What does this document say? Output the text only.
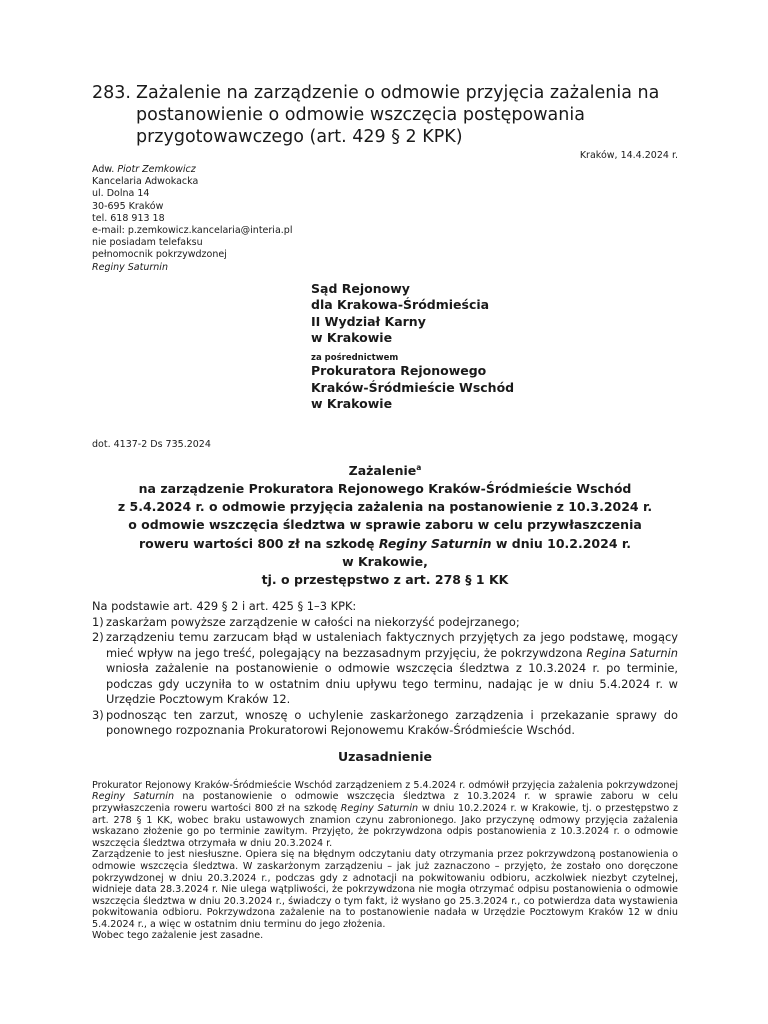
283. Zażalenie na zarządzenie o odmowie przyjęcia zażalenia na postanowienie o odmowie wszczęcia postępowania przygotowawczego (art. 429 § 2 KPK)
Kraków, 14.4.2024 r.
Adw. Piotr Zemkowicz
Kancelaria Adwokacka
ul. Dolna 14
30-695 Kraków
tel. 618 913 18
e-mail: p.zemkowicz.kancelaria@interia.pl
nie posiadam telefaksu
pełnomocnik pokrzywdzonej
Reginy Saturnin
Sąd Rejonowy
dla Krakowa-Śródmieścia
II Wydział Karny
w Krakowie
za pośrednictwem
Prokuratora Rejonowego
Kraków-Śródmieście Wschód
w Krakowie
dot. 4137-2 Ds 735.2024
Zażalenie$^a$
na zarządzenie Prokuratora Rejonowego Kraków-Śródmieście Wschód
z 5.4.2024 r. o odmowie przyjęcia zażalenia na postanowienie z 10.3.2024 r.
o odmowie wszczęcia śledztwa w sprawie zaboru w celu przywłaszczenia
roweru wartości 800 zł na szkodę Reginy Saturnin w dniu 10.2.2024 r.
w Krakowie,
tj. o przestępstwo z art. 278 § 1 KK
Na podstawie art. 429 § 2 i art. 425 § 1–3 KPK:
1) zaskarżam powyższe zarządzenie w całości na niekorzyść podejrzanego;
2) zarządzeniu temu zarzucam błąd w ustaleniach faktycznych przyjętych za jego podstawę, mogący mieć wpływ na jego treść, polegający na bezzasadnym przyjęciu, że pokrzywdzona Regina Saturnin wniosła zażalenie na postanowienie o odmowie wszczęcia śledztwa z 10.3.2024 r. po terminie, podczas gdy uczyniła to w ostatnim dniu upływu tego terminu, nadając je w dniu 5.4.2024 r. w Urzędzie Pocztowym Kraków 12.
3) podnosząc ten zarzut, wnoszę o uchylenie zaskarżonego zarządzenia i przekazanie sprawy do ponownego rozpoznania Prokuratorowi Rejonowemu Kraków-Śródmieście Wschód.
Uzasadnienie

Prokurator Rejonowy Kraków-Śródmieście Wschód zarządzeniem z 5.4.2024 r. odmówił przyjęcia zażalenia pokrzywdzonej Reginy Saturnin na postanowienie o odmowie wszczęcia śledztwa z 10.3.2024 r. w sprawie zaboru w celu przywłaszczenia roweru wartości 800 zł na szkodę Reginy Saturnin w dniu 10.2.2024 r. w Krakowie, tj. o przestępstwo z art. 278 § 1 KK, wobec braku ustawowych znamion czynu zabronionego. Jako przyczynę odmowy przyjęcia zażalenia wskazano złożenie go po terminie zawitym. Przyjęto, że pokrzywdzona odpis postanowienia z 10.3.2024 r. o odmowie wszczęcia śledztwa otrzymała w dniu 20.3.2024 r.

Zarządzenie to jest niesłuszne. Opiera się na błędnym odczytaniu daty otrzymania przez pokrzywdzoną postanowienia o odmowie wszczęcia śledztwa. W zaskarżonym zarządzeniu – jak już zaznaczono – przyjęto, że zostało ono doręczone pokrzywdzonej w dniu 20.3.2024 r., podczas gdy z adnotacji na pokwitowaniu odbioru, aczkolwiek niezbyt czytelnej, widnieje data 28.3.2024 r. Nie ulega wątpliwości, że pokrzywdzona nie mogła otrzymać odpisu postanowienia o odmowie wszczęcia śledztwa w dniu 20.3.2024 r., świadczy o tym fakt, iż wysłano go 25.3.2024 r., co potwierdza data wystawienia pokwitowania odbioru. Pokrzywdzona zażalenie na to postanowienie nadała w Urzędzie Pocztowym Kraków 12 w dniu 5.4.2024 r., a więc w ostatnim dniu terminu do jego złożenia.

Wobec tego zażalenie jest zasadne.
